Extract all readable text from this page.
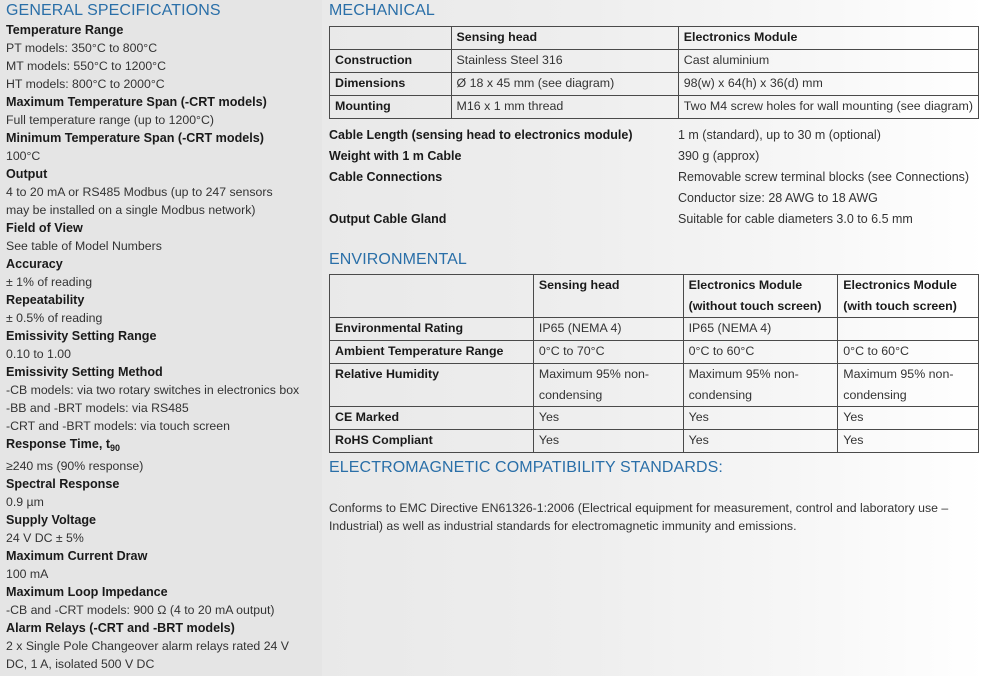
GENERAL SPECIFICATIONS
Temperature Range
PT models: 350°C to 800°C
MT models: 550°C to 1200°C
HT models: 800°C to 2000°C
Maximum Temperature Span (-CRT models)
Full temperature range (up to 1200°C)
Minimum Temperature Span (-CRT models)
100°C
Output
4 to 20 mA or RS485 Modbus (up to 247 sensors
may be installed on a single Modbus network)
Field of View
See table of Model Numbers
Accuracy
± 1% of reading
Repeatability
± 0.5% of reading
Emissivity Setting Range
0.10 to 1.00
Emissivity Setting Method
-CB models: via two rotary switches in electronics box
-BB and -BRT models: via RS485
-CRT and -BRT models: via touch screen
Response Time, $t_{90}$
≥240 ms (90% response)
Spectral Response
0.9 µm
Supply Voltage
24 V DC ± 5%
Maximum Current Draw
100 mA
Maximum Loop Impedance
-CB and -CRT models: 900 Ω (4 to 20 mA output)
Alarm Relays (-CRT and -BRT models)
2 x Single Pole Changeover alarm relays rated 24 V
DC, 1 A, isolated 500 V DC
MECHANICAL
	Sensing head	Electronics Module
Construction	Stainless Steel 316	Cast aluminium
Dimensions	Ø 18 x 45 mm (see diagram)	98(w) x 64(h) x 36(d) mm
Mounting	M16 x 1 mm thread	Two M4 screw holes for wall mounting (see diagram)
Cable Length (sensing head to electronics module)	1 m (standard), up to 30 m (optional)
Weight with 1 m Cable	390 g (approx)
Cable Connections	Removable screw terminal blocks (see Connections)
Conductor size: 28 AWG to 18 AWG
Output Cable Gland	Suitable for cable diameters 3.0 to 6.5 mm
ENVIRONMENTAL
	Sensing head	Electronics Module (without touch screen)	Electronics Module (with touch screen)
Environmental Rating	IP65 (NEMA 4)	IP65 (NEMA 4)	
Ambient Temperature Range	0°C to 70°C	0°C to 60°C	0°C to 60°C
Relative Humidity	Maximum 95% non-condensing	Maximum 95% non-condensing	Maximum 95% non-condensing
CE Marked	Yes	Yes	Yes
RoHS Compliant	Yes	Yes	Yes
ELECTROMAGNETIC COMPATIBILITY STANDARDS:
Conforms to EMC Directive EN61326-1:2006 (Electrical equipment for measurement, control and laboratory use – Industrial) as well as industrial standards for electromagnetic immunity and emissions.
